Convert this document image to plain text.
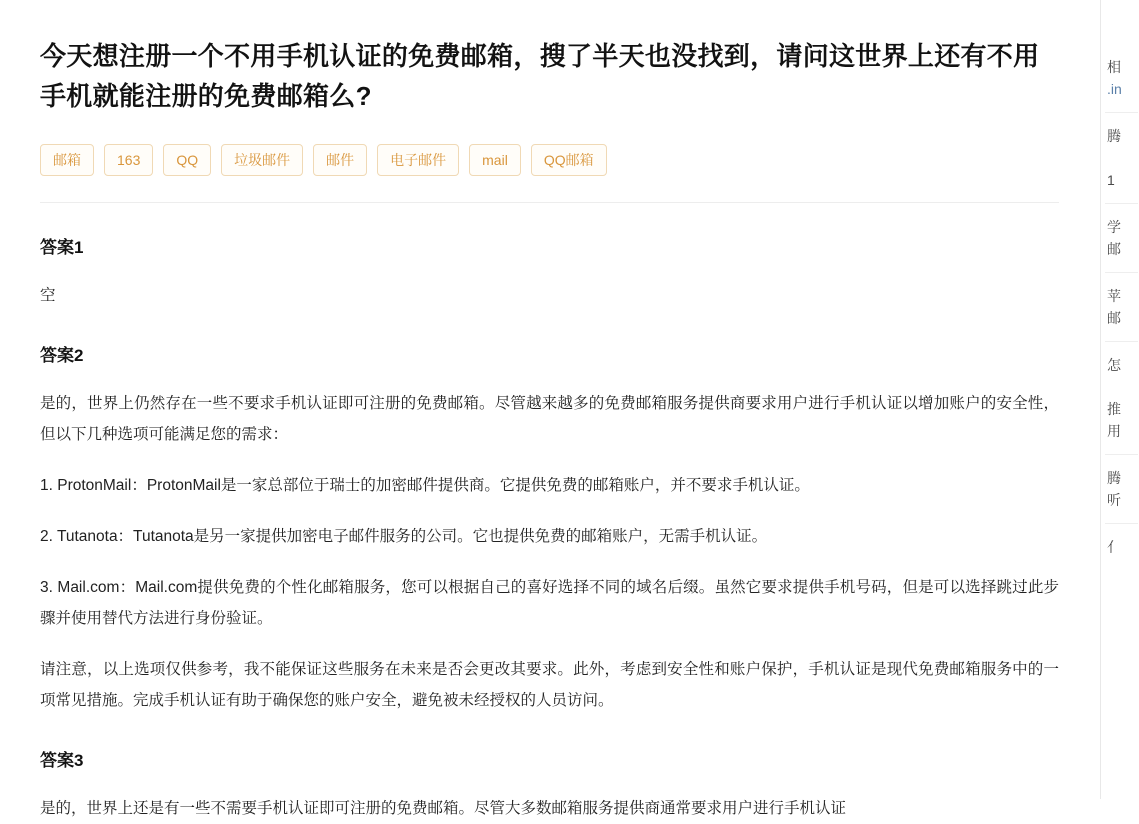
今天想注册一个不用手机认证的免费邮箱，搜了半天也没找到，请问这世界上还有不用手机就能注册的免费邮箱么?
邮箱	163	QQ	垃圾邮件	邮件	电子邮件	mail	QQ邮箱
答案1

空

答案2

是的，世界上仍然存在一些不要求手机认证即可注册的免费邮箱。尽管越来越多的免费邮箱服务提供商要求用户进行手机认证以增加账户的安全性，但以下几种选项可能满足您的需求：

1. ProtonMail：ProtonMail是一家总部位于瑞士的加密邮件提供商。它提供免费的邮箱账户，并不要求手机认证。

2. Tutanota：Tutanota是另一家提供加密电子邮件服务的公司。它也提供免费的邮箱账户，无需手机认证。

3. Mail.com：Mail.com提供免费的个性化邮箱服务，您可以根据自己的喜好选择不同的域名后缀。虽然它要求提供手机号码，但是可以选择跳过此步骤并使用替代方法进行身份验证。

请注意，以上选项仅供参考，我不能保证这些服务在未来是否会更改其要求。此外，考虑到安全性和账户保护，手机认证是现代免费邮箱服务中的一项常见措施。完成手机认证有助于确保您的账户安全，避免被未经授权的人员访问。

答案3

是的，世界上还是有一些不需要手机认证即可注册的免费邮箱。尽管大多数邮箱服务提供商通常要求用户进行手机认证

相
.in
腾
1
学
邮
苹
邮
怎
推
用
腾
听
亻
